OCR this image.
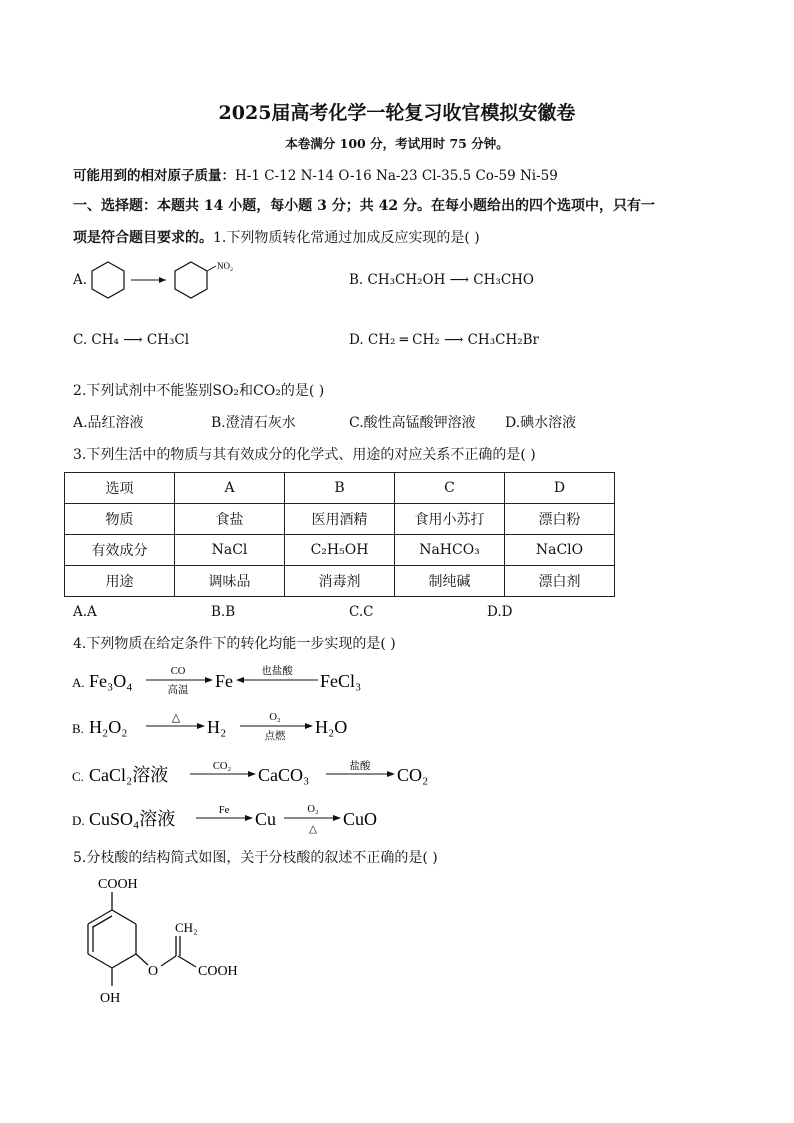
2025届高考化学一轮复习收官模拟安徽卷
本卷满分 100 分，考试用时 75 分钟。
可能用到的相对原子质量：H-1 C-12 N-14 O-16 Na-23 Cl-35.5 Co-59 Ni-59
一、选择题：本题共 14 小题，每小题 3 分；共 42 分。在每小题给出的四个选项中，只有一
项是符合题目要求的。1.下列物质转化常通过加成反应实现的是( )
A.
NO₂
B. CH₃CH₂OH ⟶ CH₃CHO
C. CH₄ ⟶ CH₃Cl	D. CH₂ ═ CH₂ ⟶ CH₃CH₂Br
2.下列试剂中不能鉴别SO₂和CO₂的是( )
A.品红溶液	B.澄清石灰水	C.酸性高锰酸钾溶液 D.碘水溶液
3.下列生活中的物质与其有效成分的化学式、用途的对应关系不正确的是( )
选项	A	B	C	D
物质	食盐	医用酒精	食用小苏打	漂白粉
有效成分	NaCl	C₂H₅OH	NaHCO₃	NaClO
用途	调味品	消毒剂	制纯碱	漂白剂
A.A	B.B	C.C	D.D
4.下列物质在给定条件下的转化均能一步实现的是( )
A. Fe₃O₄	CO
高温 Fe	也盐酸 FeCl₃
B. H₂O₂	△ H₂	O₂
点燃 H₂O
C. CaCl₂溶液	CO₂ CaCO₃	盐酸 CO₂
D. CuSO₄溶液	Fe Cu	O₂
△
CuO
5.分枝酸的结构简式如图，关于分枝酸的叙述不正确的是( )
COOH
OH
O
CH₂
COOH
